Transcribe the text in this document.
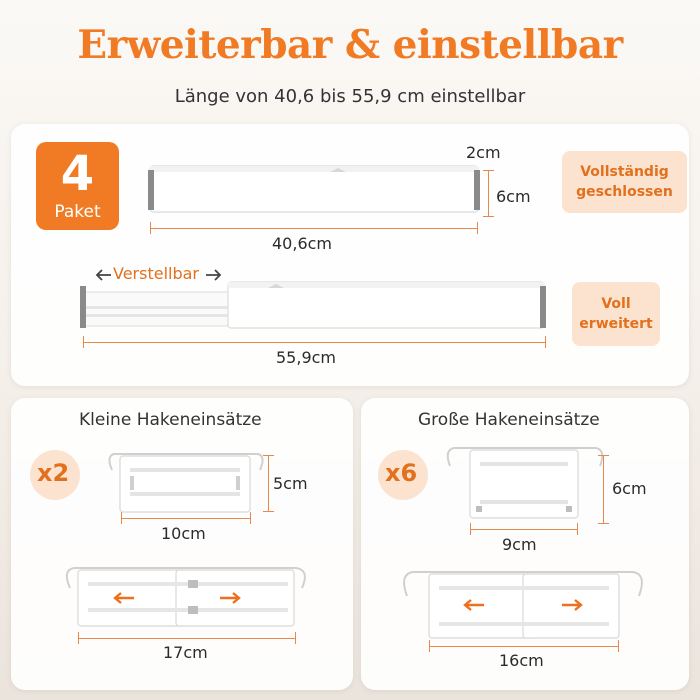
Erweiterbar & einstellbar
Länge von 40,6 bis 55,9 cm einstellbar
4
Paket
40,6cm
2cm
6cm
Vollständig geschlossen
Verstellbar
55,9cm
Voll erweitert
Kleine Hakeneinsätze
x2	5cm
10cm
17cm
Große Hakeneinsätze
x6
6cm
9cm
16cm
